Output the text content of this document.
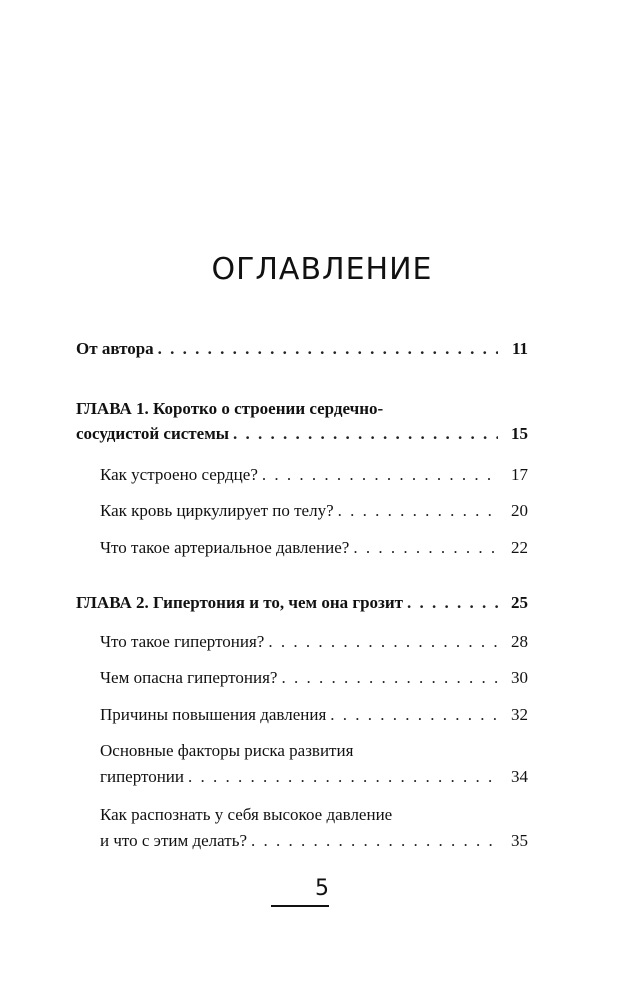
ОГЛАВЛЕНИЕ
От автора . . .	11
ГЛАВА 1. Коротко о строении сердечно-
сосудистой системы . . .	15
Как устроено сердце? . . .	17
Как кровь циркулирует по телу? . . .	20
Что такое артериальное давление? . . .	22
ГЛАВА 2. Гипертония и то, чем она грозит . . .	25
Что такое гипертония? . . .	28
Чем опасна гипертония? . . .	30
Причины повышения давления . . .	32
Основные факторы риска развития
гипертонии . . .	34
Как распознать у себя высокое давление
и что с этим делать? . . .	35
5
